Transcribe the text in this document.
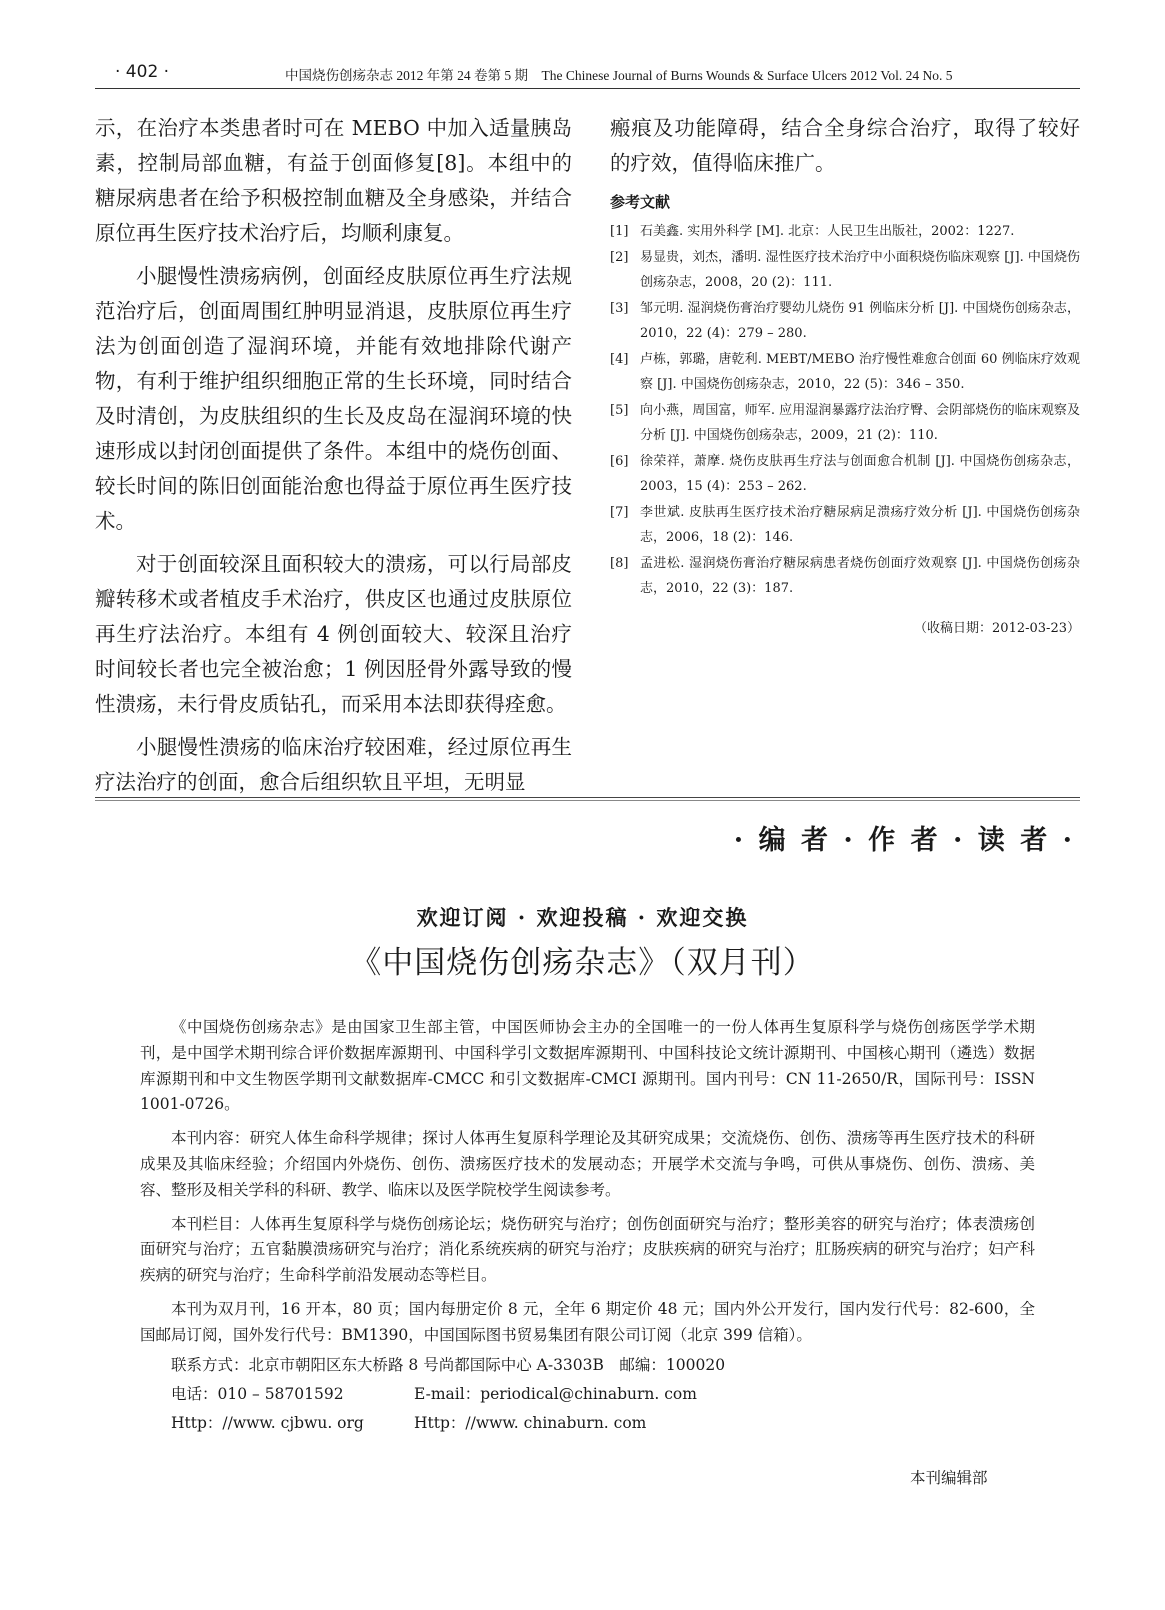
· 402 ·	中国烧伤创疡杂志 2012 年第 24 卷第 5 期　The Chinese Journal of Burns Wounds & Surface Ulcers 2012 Vol. 24 No. 5

示，在治疗本类患者时可在 MEBO 中加入适量胰岛素，控制局部血糖，有益于创面修复[8]。本组中的糖尿病患者在给予积极控制血糖及全身感染，并结合原位再生医疗技术治疗后，均顺利康复。

小腿慢性溃疡病例，创面经皮肤原位再生疗法规范治疗后，创面周围红肿明显消退，皮肤原位再生疗法为创面创造了湿润环境，并能有效地排除代谢产物，有利于维护组织细胞正常的生长环境，同时结合及时清创，为皮肤组织的生长及皮岛在湿润环境的快速形成以封闭创面提供了条件。本组中的烧伤创面、较长时间的陈旧创面能治愈也得益于原位再生医疗技术。

对于创面较深且面积较大的溃疡，可以行局部皮瓣转移术或者植皮手术治疗，供皮区也通过皮肤原位再生疗法治疗。本组有 4 例创面较大、较深且治疗时间较长者也完全被治愈；1 例因胫骨外露导致的慢性溃疡，未行骨皮质钻孔，而采用本法即获得痊愈。

小腿慢性溃疡的临床治疗较困难，经过原位再生疗法治疗的创面，愈合后组织软且平坦，无明显

瘢痕及功能障碍，结合全身综合治疗，取得了较好的疗效，值得临床推广。

参考文献
[1] 石美鑫. 实用外科学 [M]. 北京：人民卫生出版社，2002：1227.
[2] 易显贵，刘杰，潘明. 湿性医疗技术治疗中小面积烧伤临床观察 [J]. 中国烧伤创疡杂志，2008，20 (2)：111.
[3] 邹元明. 湿润烧伤膏治疗婴幼儿烧伤 91 例临床分析 [J]. 中国烧伤创疡杂志，2010，22 (4)：279 – 280.
[4] 卢栋，郭璐，唐乾利. MEBT/MEBO 治疗慢性难愈合创面 60 例临床疗效观察 [J]. 中国烧伤创疡杂志，2010，22 (5)：346 – 350.
[5] 向小燕，周国富，师军. 应用湿润暴露疗法治疗臀、会阴部烧伤的临床观察及分析 [J]. 中国烧伤创疡杂志，2009，21 (2)：110.
[6] 徐荣祥，萧摩. 烧伤皮肤再生疗法与创面愈合机制 [J]. 中国烧伤创疡杂志，2003，15 (4)：253 – 262.
[7] 李世斌. 皮肤再生医疗技术治疗糖尿病足溃疡疗效分析 [J]. 中国烧伤创疡杂志，2006，18 (2)：146.
[8] 孟进松. 湿润烧伤膏治疗糖尿病患者烧伤创面疗效观察 [J]. 中国烧伤创疡杂志，2010，22 (3)：187.
（收稿日期：2012-03-23）
· 编 者 · 作 者 · 读 者 ·
欢迎订阅 · 欢迎投稿 · 欢迎交换
《中国烧伤创疡杂志》（双月刊）

《中国烧伤创疡杂志》是由国家卫生部主管，中国医师协会主办的全国唯一的一份人体再生复原科学与烧伤创疡医学学术期刊，是中国学术期刊综合评价数据库源期刊、中国科学引文数据库源期刊、中国科技论文统计源期刊、中国核心期刊（遴选）数据库源期刊和中文生物医学期刊文献数据库-CMCC 和引文数据库-CMCI 源期刊。国内刊号：CN 11-2650/R，国际刊号：ISSN 1001-0726。

本刊内容：研究人体生命科学规律；探讨人体再生复原科学理论及其研究成果；交流烧伤、创伤、溃疡等再生医疗技术的科研成果及其临床经验；介绍国内外烧伤、创伤、溃疡医疗技术的发展动态；开展学术交流与争鸣，可供从事烧伤、创伤、溃疡、美容、整形及相关学科的科研、教学、临床以及医学院校学生阅读参考。

本刊栏目：人体再生复原科学与烧伤创疡论坛；烧伤研究与治疗；创伤创面研究与治疗；整形美容的研究与治疗；体表溃疡创面研究与治疗；五官黏膜溃疡研究与治疗；消化系统疾病的研究与治疗；皮肤疾病的研究与治疗；肛肠疾病的研究与治疗；妇产科疾病的研究与治疗；生命科学前沿发展动态等栏目。

本刊为双月刊，16 开本，80 页；国内每册定价 8 元，全年 6 期定价 48 元；国内外公开发行，国内发行代号：82-600，全国邮局订阅，国外发行代号：BM1390，中国国际图书贸易集团有限公司订阅（北京 399 信箱）。

联系方式：北京市朝阳区东大桥路 8 号尚都国际中心 A-3303B　邮编：100020
电话：010 – 58701592	E-mail：periodical@chinaburn. com
Http：//www. cjbwu. org	Http：//www. chinaburn. com
本刊编辑部
